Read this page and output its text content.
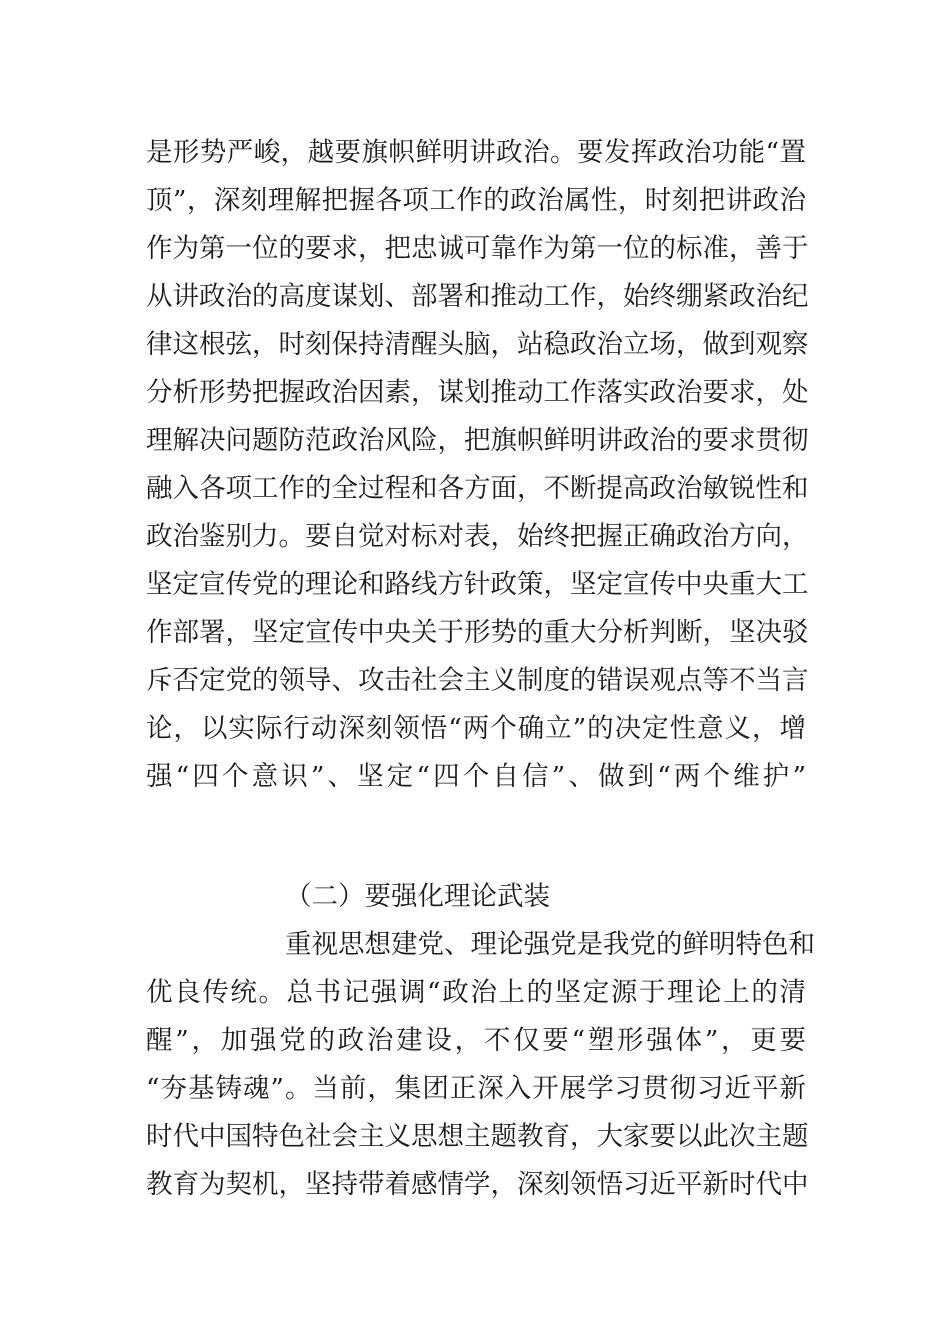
是形势严峻，越要旗帜鲜明讲政治。要发挥政治功能“置
顶”，深刻理解把握各项工作的政治属性，时刻把讲政治
作为第一位的要求，把忠诚可靠作为第一位的标准，善于
从讲政治的高度谋划、部署和推动工作，始终绷紧政治纪
律这根弦，时刻保持清醒头脑，站稳政治立场，做到观察
分析形势把握政治因素，谋划推动工作落实政治要求，处
理解决问题防范政治风险，把旗帜鲜明讲政治的要求贯彻
融入各项工作的全过程和各方面，不断提高政治敏锐性和
政治鉴别力。要自觉对标对表，始终把握正确政治方向，
坚定宣传党的理论和路线方针政策，坚定宣传中央重大工
作部署，坚定宣传中央关于形势的重大分析判断，坚决驳
斥否定党的领导、攻击社会主义制度的错误观点等不当言
论，以实际行动深刻领悟“两个确立”的决定性意义，增
强“四个意识”、坚定“四个自信”、做到“两个维护”
（二）要强化理论武装
重视思想建党、理论强党是我党的鲜明特色和
优良传统。总书记强调“政治上的坚定源于理论上的清
醒”，加强党的政治建设，不仅要“塑形强体”，更要
“夯基铸魂”。当前，集团正深入开展学习贯彻习近平新
时代中国特色社会主义思想主题教育，大家要以此次主题
教育为契机，坚持带着感情学，深刻领悟习近平新时代中
